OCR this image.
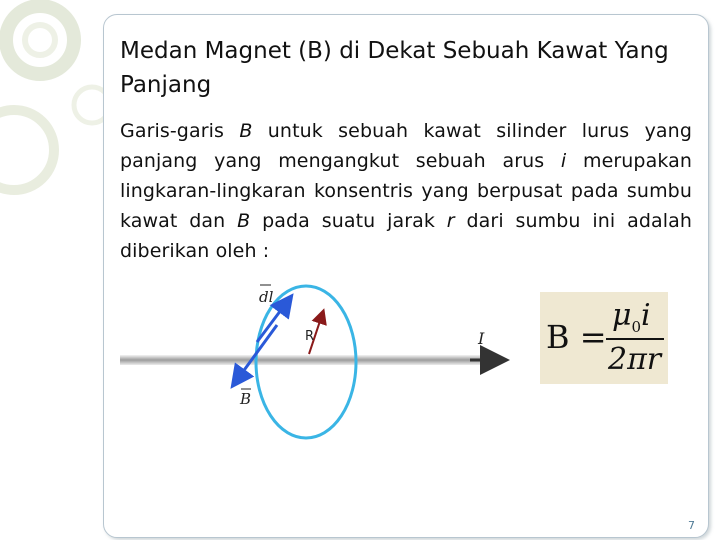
Medan Magnet (B) di Dekat Sebuah Kawat Yang Panjang
Garis-garis B untuk sebuah kawat silinder lurus yang panjang yang mengangkut sebuah arus i merupakan lingkaran-lingkaran konsentris yang berpusat pada sumbu kawat dan B pada suatu jarak r dari sumbu ini adalah diberikan oleh :
dl
R	I
B
B =
$\mu_0i$
2πr
7
